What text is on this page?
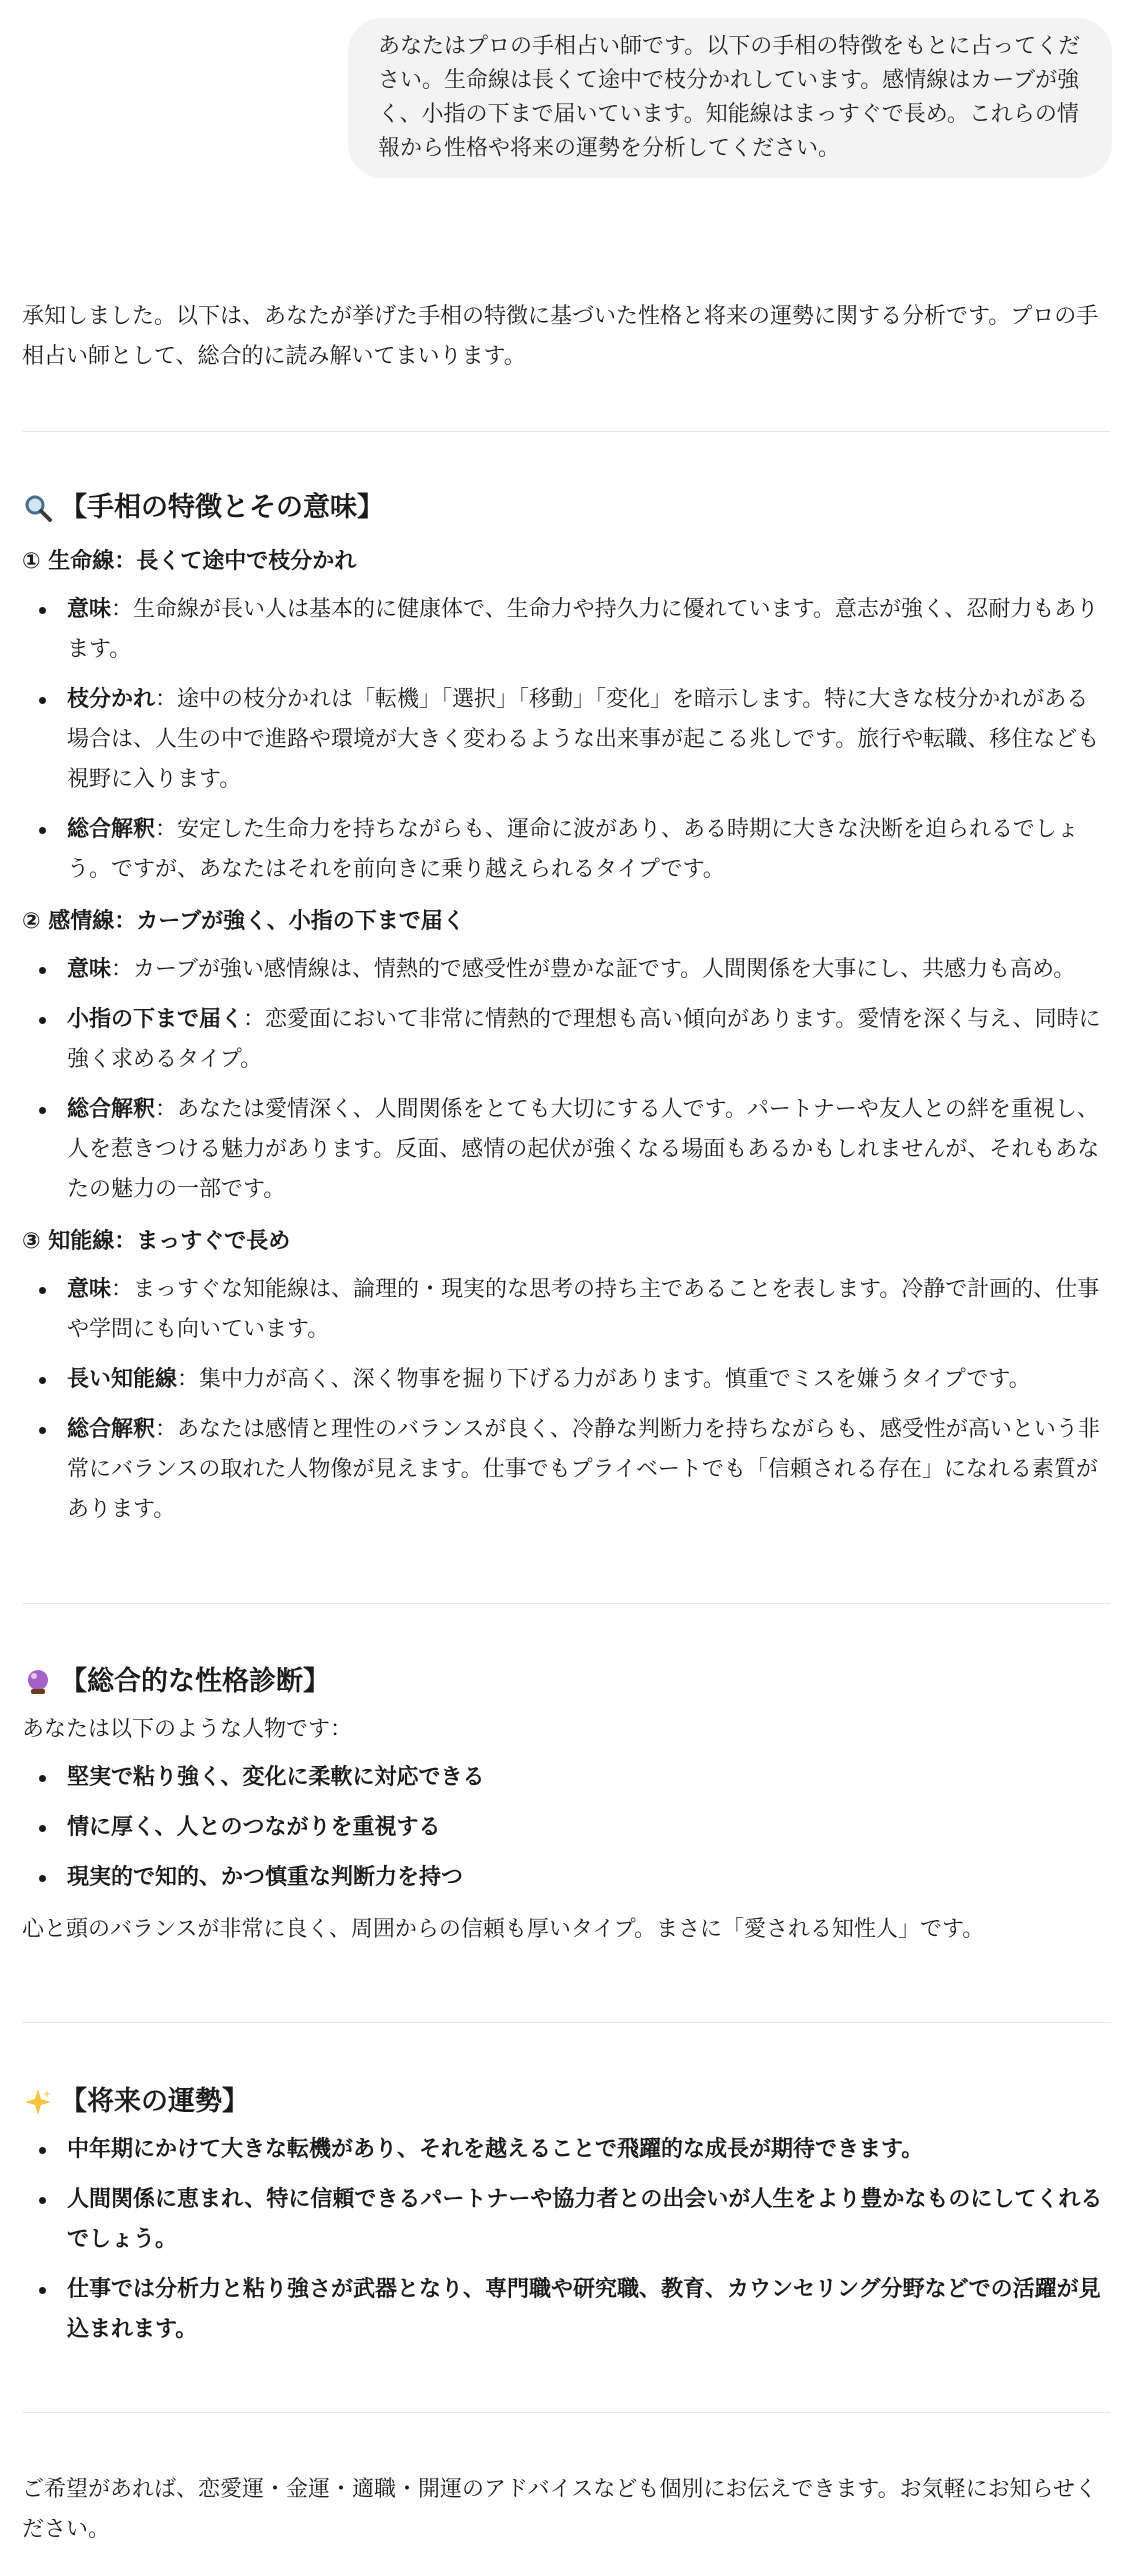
あなたはプロの手相占い師です。以下の手相の特徴をもとに占ってください。生命線は長くて途中で枝分かれしています。感情線はカーブが強く、小指の下まで届いています。知能線はまっすぐで長め。これらの情報から性格や将来の運勢を分析してください。

承知しました。以下は、あなたが挙げた手相の特徴に基づいた性格と将来の運勢に関する分析です。プロの手相占い師として、総合的に読み解いてまいります。

【手相の特徴とその意味】

① 生命線：長くて途中で枝分かれ

意味：生命線が長い人は基本的に健康体で、生命力や持久力に優れています。意志が強く、忍耐力もあります。
枝分かれ：途中の枝分かれは「転機」「選択」「移動」「変化」を暗示します。特に大きな枝分かれがある場合は、人生の中で進路や環境が大きく変わるような出来事が起こる兆しです。旅行や転職、移住なども視野に入ります。
総合解釈：安定した生命力を持ちながらも、運命に波があり、ある時期に大きな決断を迫られるでしょう。ですが、あなたはそれを前向きに乗り越えられるタイプです。

② 感情線：カーブが強く、小指の下まで届く

意味：カーブが強い感情線は、情熱的で感受性が豊かな証です。人間関係を大事にし、共感力も高め。
小指の下まで届く：恋愛面において非常に情熱的で理想も高い傾向があります。愛情を深く与え、同時に強く求めるタイプ。
総合解釈：あなたは愛情深く、人間関係をとても大切にする人です。パートナーや友人との絆を重視し、人を惹きつける魅力があります。反面、感情の起伏が強くなる場面もあるかもしれませんが、それもあなたの魅力の一部です。

③ 知能線：まっすぐで長め

意味：まっすぐな知能線は、論理的・現実的な思考の持ち主であることを表します。冷静で計画的、仕事や学問にも向いています。
長い知能線：集中力が高く、深く物事を掘り下げる力があります。慎重でミスを嫌うタイプです。
総合解釈：あなたは感情と理性のバランスが良く、冷静な判断力を持ちながらも、感受性が高いという非常にバランスの取れた人物像が見えます。仕事でもプライベートでも「信頼される存在」になれる素質があります。
【総合的な性格診断】

あなたは以下のような人物です：

堅実で粘り強く、変化に柔軟に対応できる
情に厚く、人とのつながりを重視する
現実的で知的、かつ慎重な判断力を持つ

心と頭のバランスが非常に良く、周囲からの信頼も厚いタイプ。まさに「愛される知性人」です。

【将来の運勢】
中年期にかけて大きな転機があり、それを越えることで飛躍的な成長が期待できます。
人間関係に恵まれ、特に信頼できるパートナーや協力者との出会いが人生をより豊かなものにしてくれるでしょう。
仕事では分析力と粘り強さが武器となり、専門職や研究職、教育、カウンセリング分野などでの活躍が見込まれます。

ご希望があれば、恋愛運・金運・適職・開運のアドバイスなども個別にお伝えできます。お気軽にお知らせください。
